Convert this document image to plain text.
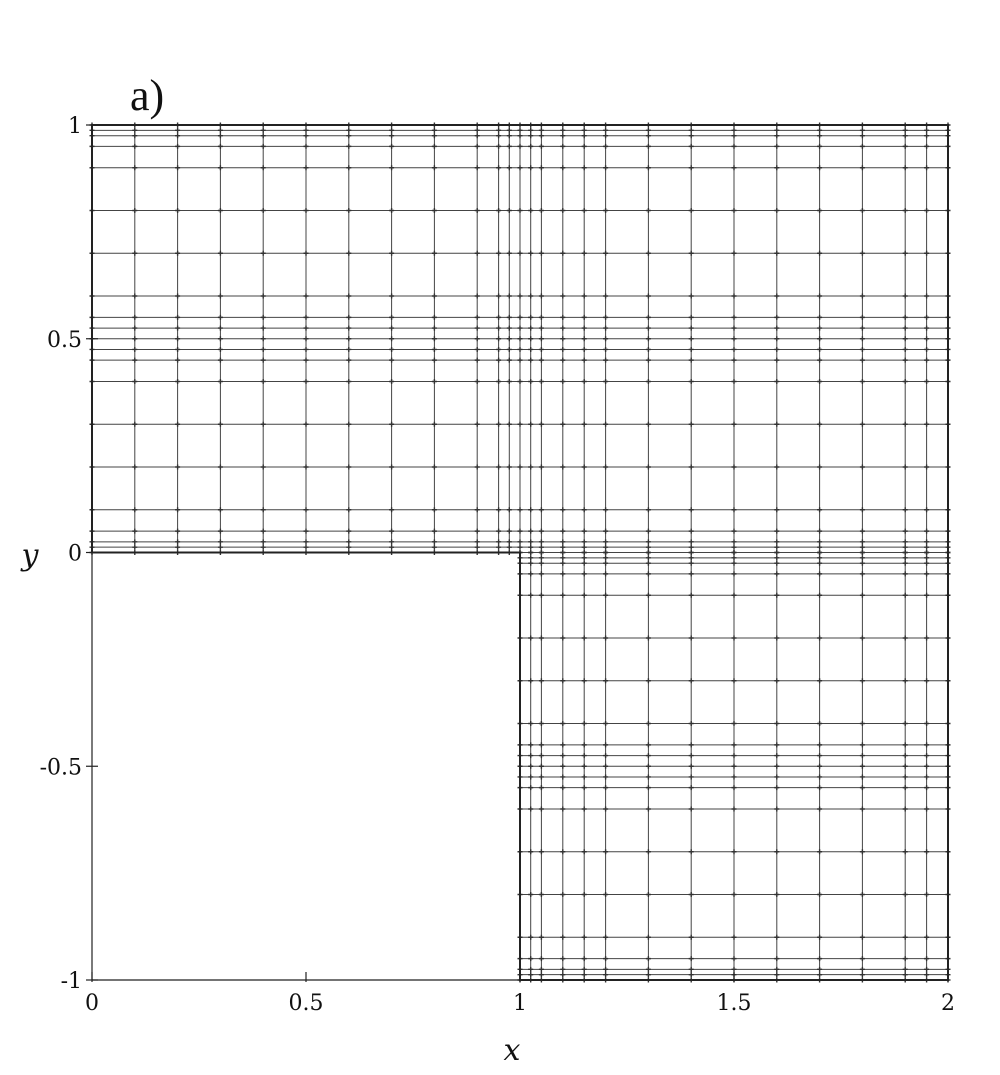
a)
0	0.5	1	1.5	2
1
0.5
0
-0.5
-1
x
y
